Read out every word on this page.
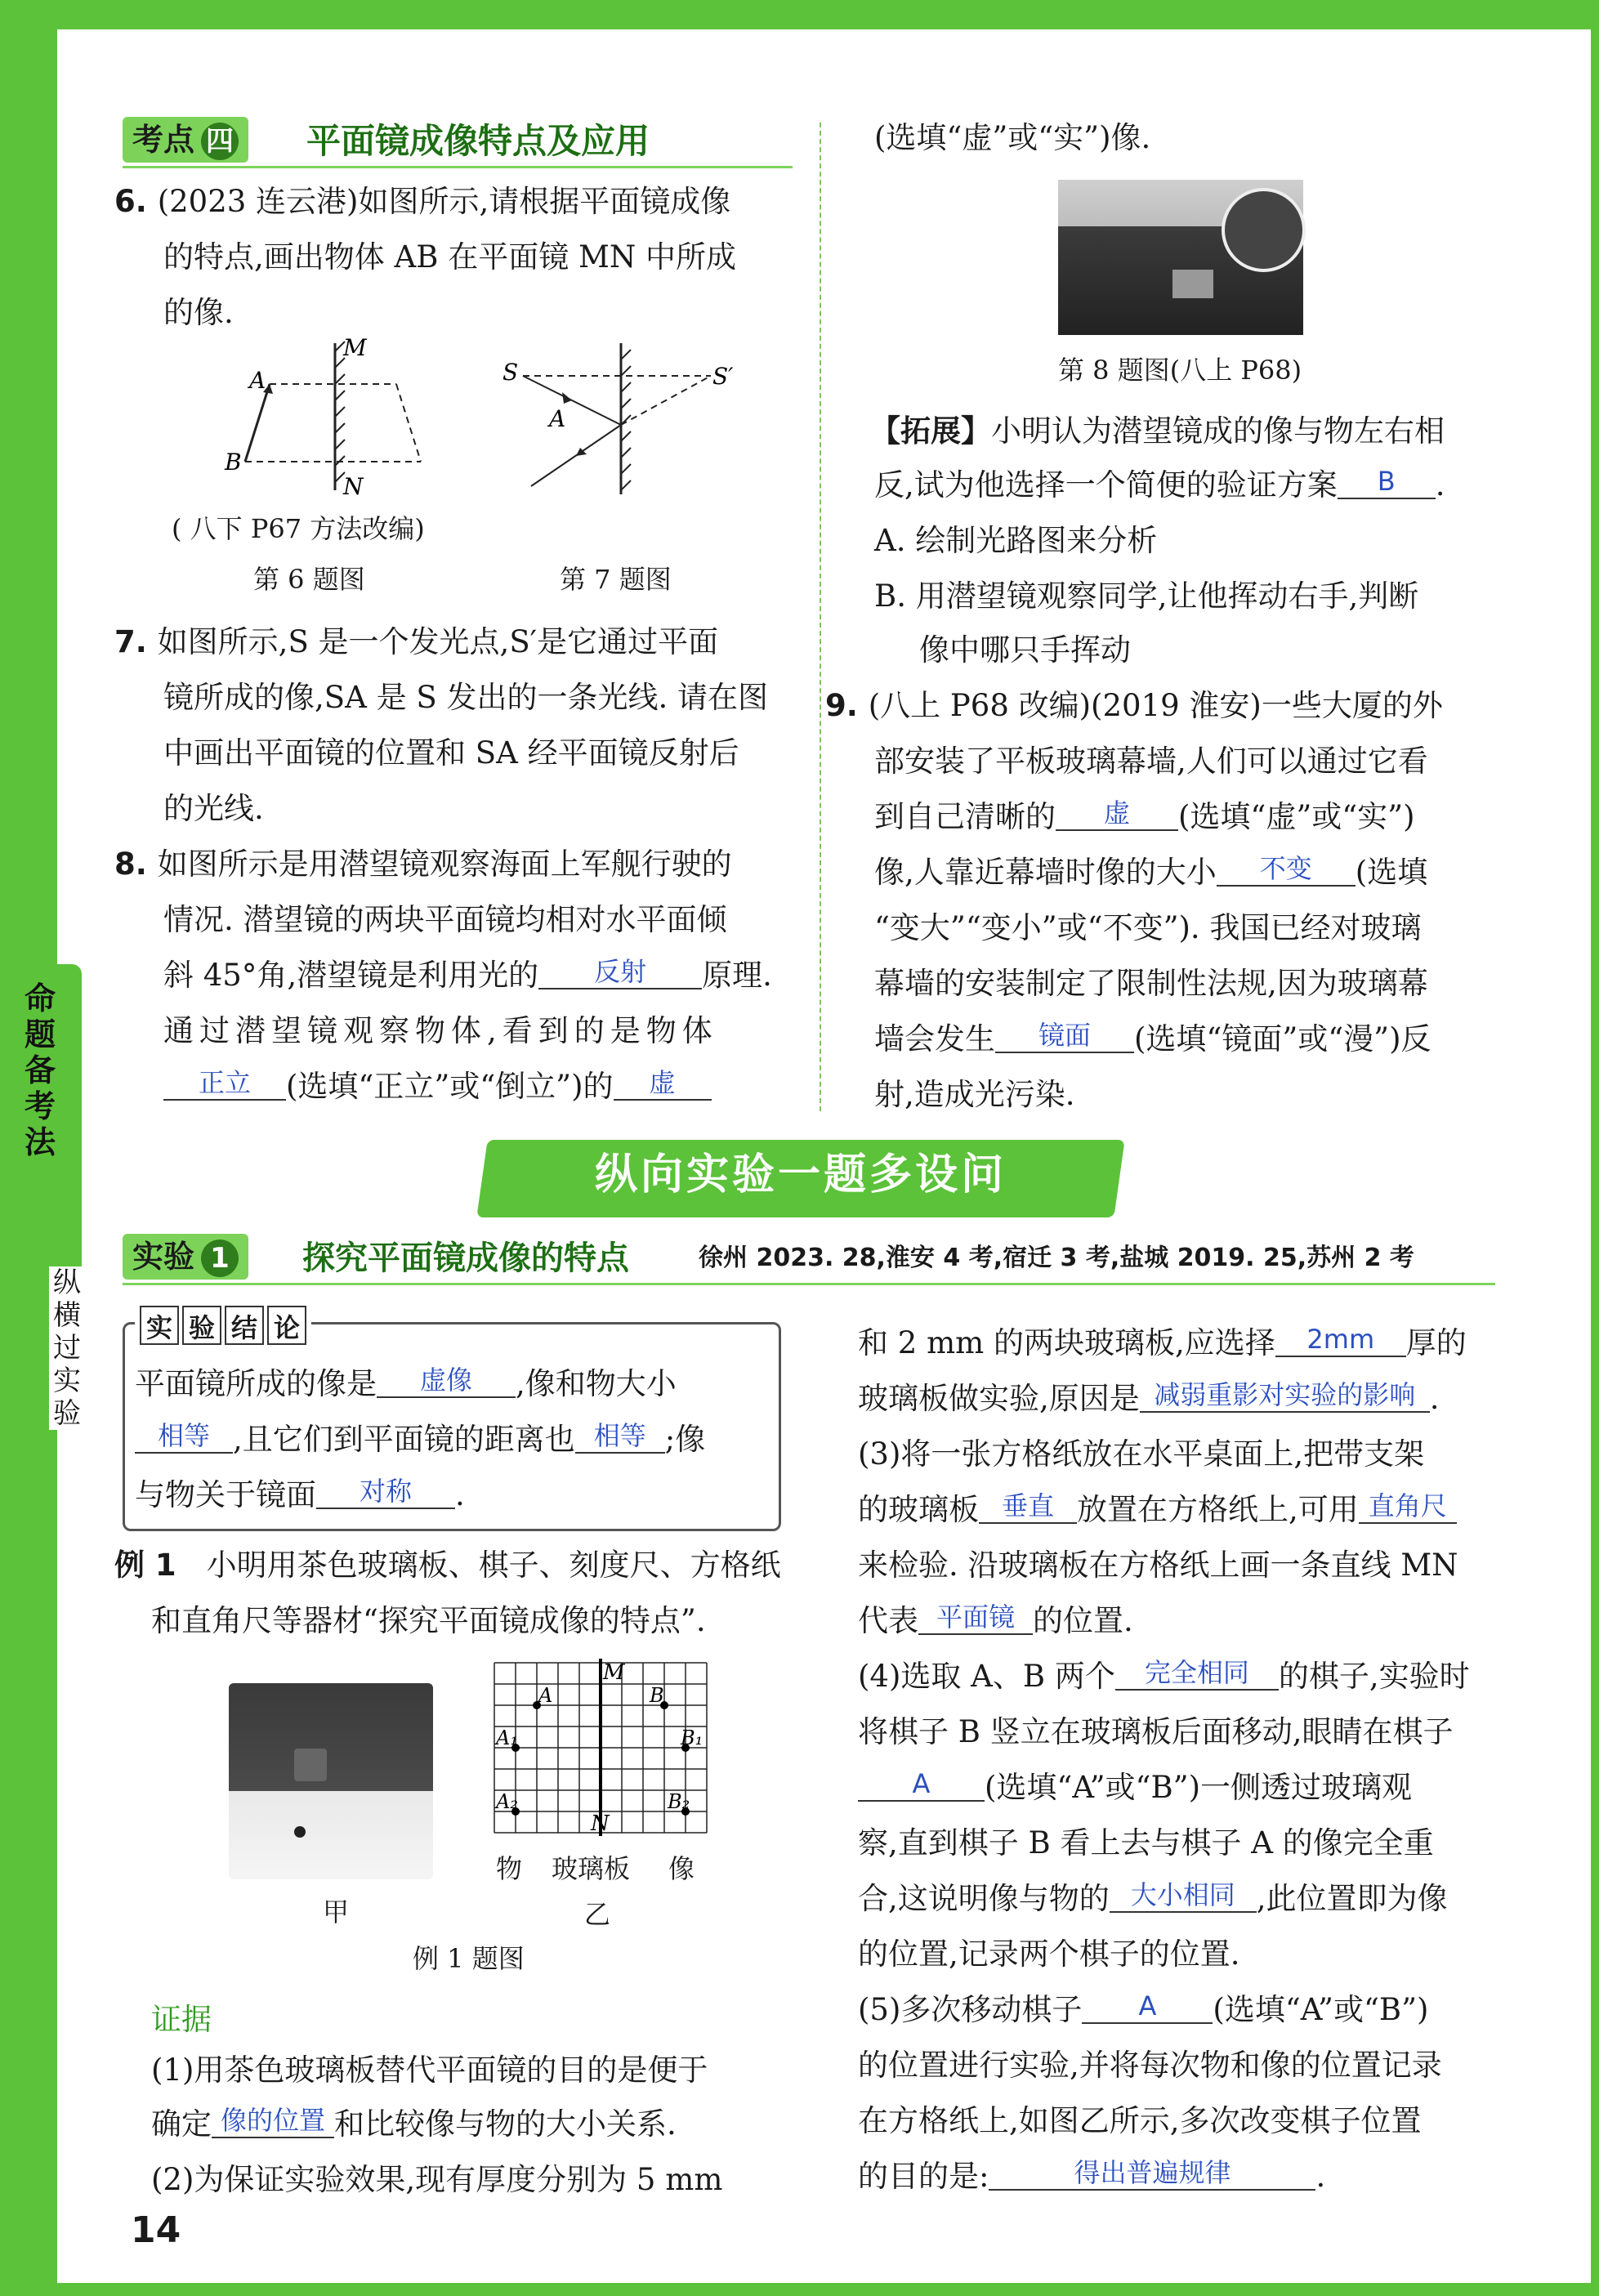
命题备考法
纵横过实验
考点 四	平面镜成像特点及应用
6. (2023 连云港)如图所示,请根据平面镜成像
的特点,画出物体 AB 在平面镜 MN 中所成
的像.
A
B
M
N
S	S′
A
( 八下 P67 方法改编)
第 6 题图	第 7 题图
7. 如图所示,S 是一个发光点,S′是它通过平面
镜所成的像,SA 是 S 发出的一条光线. 请在图
中画出平面镜的位置和 SA 经平面镜反射后
的光线.
8. 如图所示是用潜望镜观察海面上军舰行驶的
情况. 潜望镜的两块平面镜均相对水平面倾
斜 45°角,潜望镜是利用光的 反射 原理.
通过潜望镜观察物体,看到的是物体
正立 (选填“正立”或“倒立”)的 虚
(选填“虚”或“实”)像.
第 8 题图(八上 P68)
【拓展】小明认为潜望镜成的像与物左右相
反,试为他选择一个简便的验证方案 B .
A. 绘制光路图来分析
B. 用潜望镜观察同学,让他挥动右手,判断
像中哪只手挥动
9. (八上 P68 改编)(2019 淮安)一些大厦的外
部安装了平板玻璃幕墙,人们可以通过它看
到自己清晰的 虚 (选填“虚”或“实”)
像,人靠近幕墙时像的大小 不变 (选填
“变大”“变小”或“不变”). 我国已经对玻璃
幕墙的安装制定了限制性法规,因为玻璃幕
墙会发生 镜面 (选填“镜面”或“漫”)反
射,造成光污染.
纵向实验一题多设问
实验 1	探究平面镜成像的特点	徐州 2023. 28,淮安 4 考,宿迁 3 考,盐城 2019. 25,苏州 2 考
实 验 结 论
平面镜所成的像是 虚像 ,像和物大小
相等 ,且它们到平面镜的距离也 相等 ;像
与物关于镜面 对称 .
例 1　 小明用茶色玻璃板、棋子、刻度尺、方格纸
和直角尺等器材“探究平面镜成像的特点”.
甲
M
N
A	B
A₁	B₁
A₂	B₂
物 玻璃板 像
乙
例 1 题图
证据
(1)用茶色玻璃板替代平面镜的目的是便于
确定 像的位置 和比较像与物的大小关系.
(2)为保证实验效果,现有厚度分别为 5 mm
14
和 2 mm 的两块玻璃板,应选择 2mm 厚的
玻璃板做实验,原因是 减弱重影对实验的影响 .
(3)将一张方格纸放在水平桌面上,把带支架
的玻璃板 垂直 放置在方格纸上,可用 直角尺
来检验. 沿玻璃板在方格纸上画一条直线 MN
代表 平面镜 的位置.
(4)选取 A、B 两个 完全相同 的棋子,实验时
将棋子 B 竖立在玻璃板后面移动,眼睛在棋子
A (选填“A”或“B”)一侧透过玻璃观
察,直到棋子 B 看上去与棋子 A 的像完全重
合,这说明像与物的 大小相同 ,此位置即为像
的位置,记录两个棋子的位置.
(5)多次移动棋子 A (选填“A”或“B”)
的位置进行实验,并将每次物和像的位置记录
在方格纸上,如图乙所示,多次改变棋子位置
的目的是:	得出普遍规律	.
